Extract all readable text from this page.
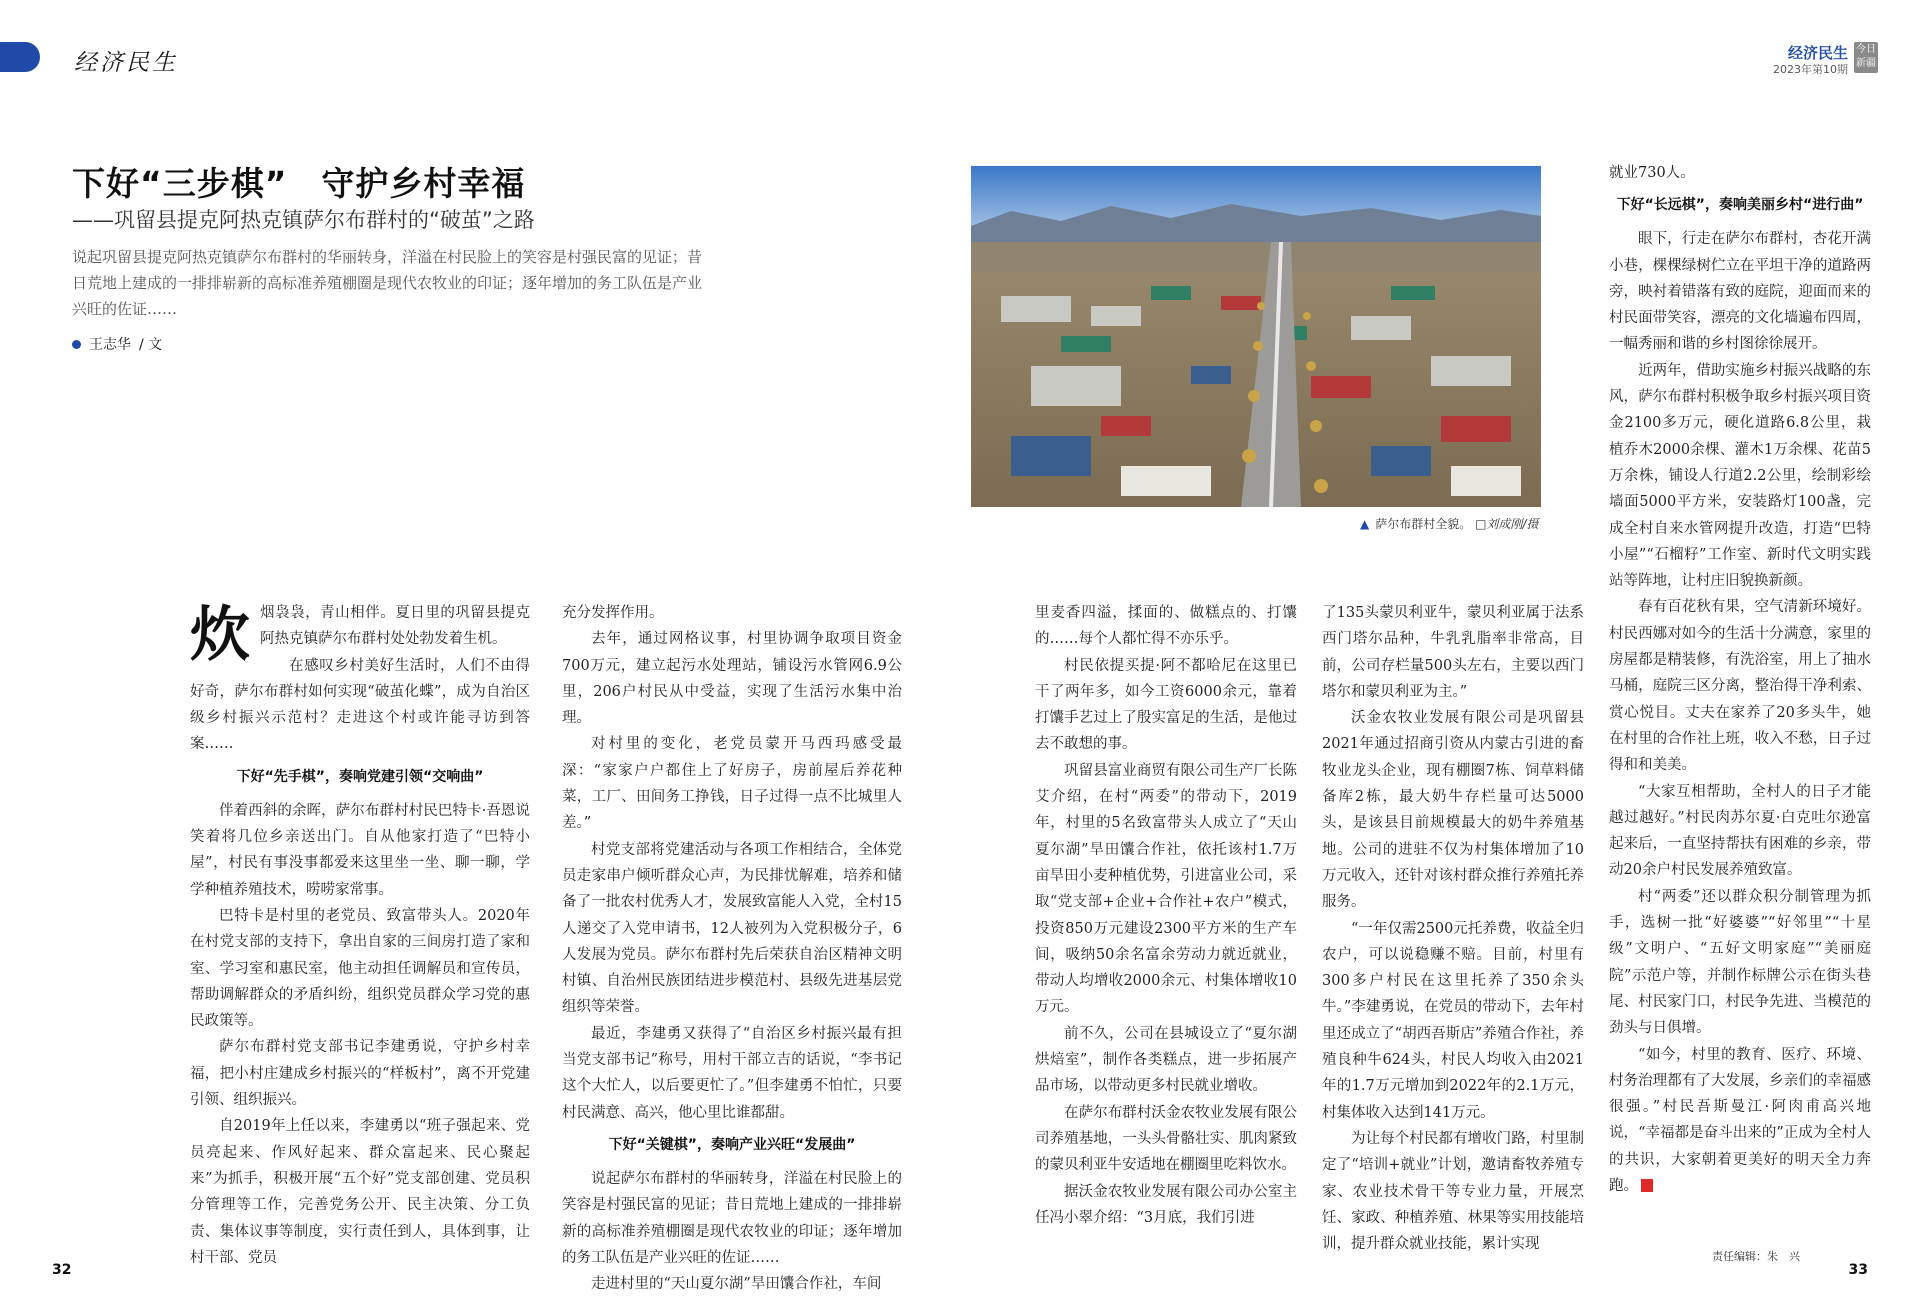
经济民生	经济民生
2023年第10期
今日新疆
下好“三步棋”　守护乡村幸福
——巩留县提克阿热克镇萨尔布群村的“破茧”之路
说起巩留县提克阿热克镇萨尔布群村的华丽转身，洋溢在村民脸上的笑容是村强民富的见证；昔日荒地上建成的一排排崭新的高标准养殖棚圈是现代农牧业的印证；逐年增加的务工队伍是产业兴旺的佐证……
王志华 / 文
▲ 萨尔布群村全貌。 □刘成刚/摄
炊 烟袅袅，青山相伴。夏日里的巩留县提克阿热克镇萨尔布群村处处勃发着生机。

在感叹乡村美好生活时，人们不由得好奇，萨尔布群村如何实现“破茧化蝶”，成为自治区级乡村振兴示范村？走进这个村或许能寻访到答案……

下好“先手棋”，奏响党建引领“交响曲”

伴着西斜的余晖，萨尔布群村村民巴特卡·吾恩说笑着将几位乡亲送出门。自从他家打造了“巴特小屋”，村民有事没事都爱来这里坐一坐、聊一聊，学学种植养殖技术，唠唠家常事。

巴特卡是村里的老党员、致富带头人。2020年在村党支部的支持下，拿出自家的三间房打造了家和室、学习室和惠民室，他主动担任调解员和宣传员，帮助调解群众的矛盾纠纷，组织党员群众学习党的惠民政策等。

萨尔布群村党支部书记李建勇说，守护乡村幸福，把小村庄建成乡村振兴的“样板村”，离不开党建引领、组织振兴。

自2019年上任以来，李建勇以“班子强起来、党员亮起来、作风好起来、群众富起来、民心聚起来”为抓手，积极开展“五个好”党支部创建、党员积分管理等工作，完善党务公开、民主决策、分工负责、集体议事等制度，实行责任到人，具体到事，让村干部、党员

充分发挥作用。

去年，通过网格议事，村里协调争取项目资金700万元，建立起污水处理站，铺设污水管网6.9公里，206户村民从中受益，实现了生活污水集中治理。

对村里的变化，老党员蒙开马西玛感受最深：“家家户户都住上了好房子，房前屋后养花种菜，工厂、田间务工挣钱，日子过得一点不比城里人差。”

村党支部将党建活动与各项工作相结合，全体党员走家串户倾听群众心声，为民排忧解难，培养和储备了一批农村优秀人才，发展致富能人入党，全村15人递交了入党申请书，12人被列为入党积极分子，6人发展为党员。萨尔布群村先后荣获自治区精神文明村镇、自治州民族团结进步模范村、县级先进基层党组织等荣誉。

最近，李建勇又获得了“自治区乡村振兴最有担当党支部书记”称号，用村干部立吉的话说，“李书记这个大忙人，以后要更忙了。”但李建勇不怕忙，只要村民满意、高兴，他心里比谁都甜。

下好“关键棋”，奏响产业兴旺“发展曲”

说起萨尔布群村的华丽转身，洋溢在村民脸上的笑容是村强民富的见证；昔日荒地上建成的一排排崭新的高标准养殖棚圈是现代农牧业的印证；逐年增加的务工队伍是产业兴旺的佐证……

走进村里的“天山夏尔湖”旱田馕合作社，车间

里麦香四溢，揉面的、做糕点的、打馕的……每个人都忙得不亦乐乎。

村民依提买提·阿不都哈尼在这里已干了两年多，如今工资6000余元，靠着打馕手艺过上了殷实富足的生活，是他过去不敢想的事。

巩留县富业商贸有限公司生产厂长陈艾介绍，在村“两委”的带动下，2019年，村里的5名致富带头人成立了“天山夏尔湖”旱田馕合作社，依托该村1.7万亩旱田小麦种植优势，引进富业公司，采取“党支部+企业+合作社+农户”模式，投资850万元建设2300平方米的生产车间，吸纳50余名富余劳动力就近就业，带动人均增收2000余元、村集体增收10万元。

前不久，公司在县城设立了“夏尔湖烘焙室”，制作各类糕点，进一步拓展产品市场，以带动更多村民就业增收。

在萨尔布群村沃金农牧业发展有限公司养殖基地，一头头骨骼壮实、肌肉紧致的蒙贝利亚牛安适地在棚圈里吃料饮水。

据沃金农牧业发展有限公司办公室主任冯小翠介绍：“3月底，我们引进

了135头蒙贝利亚牛，蒙贝利亚属于法系西门塔尔品种，牛乳乳脂率非常高，目前，公司存栏量500头左右，主要以西门塔尔和蒙贝利亚为主。”

沃金农牧业发展有限公司是巩留县2021年通过招商引资从内蒙古引进的畜牧业龙头企业，现有棚圈7栋、饲草料储备库2栋，最大奶牛存栏量可达5000头，是该县目前规模最大的奶牛养殖基地。公司的进驻不仅为村集体增加了10万元收入，还针对该村群众推行养殖托养服务。

“一年仅需2500元托养费，收益全归农户，可以说稳赚不赔。目前，村里有300多户村民在这里托养了350余头牛。”李建勇说，在党员的带动下，去年村里还成立了“胡西吾斯店”养殖合作社，养殖良种牛624头，村民人均收入由2021年的1.7万元增加到2022年的2.1万元，村集体收入达到141万元。

为让每个村民都有增收门路，村里制定了“培训+就业”计划，邀请畜牧养殖专家、农业技术骨干等专业力量，开展烹饪、家政、种植养殖、林果等实用技能培训，提升群众就业技能，累计实现

就业730人。

下好“长远棋”，奏响美丽乡村“进行曲”

眼下，行走在萨尔布群村，杏花开满小巷，棵棵绿树伫立在平坦干净的道路两旁，映衬着错落有致的庭院，迎面而来的村民面带笑容，漂亮的文化墙遍布四周，一幅秀丽和谐的乡村图徐徐展开。

近两年，借助实施乡村振兴战略的东风，萨尔布群村积极争取乡村振兴项目资金2100多万元，硬化道路6.8公里，栽植乔木2000余棵、灌木1万余棵、花苗5万余株，铺设人行道2.2公里，绘制彩绘墙面5000平方米，安装路灯100盏，完成全村自来水管网提升改造，打造“巴特小屋”“石榴籽”工作室、新时代文明实践站等阵地，让村庄旧貌换新颜。

春有百花秋有果，空气清新环境好。村民西娜对如今的生活十分满意，家里的房屋都是精装修，有洗浴室，用上了抽水马桶，庭院三区分离，整治得干净利索、赏心悦目。丈夫在家养了20多头牛，她在村里的合作社上班，收入不愁，日子过得和和美美。

“大家互相帮助，全村人的日子才能越过越好。”村民肉苏尔夏·白克吐尔逊富起来后，一直坚持帮扶有困难的乡亲，带动20余户村民发展养殖致富。

村“两委”还以群众积分制管理为抓手，选树一批“好婆婆”“好邻里”“十星级”文明户、“五好文明家庭”“美丽庭院”示范户等，并制作标牌公示在街头巷尾、村民家门口，村民争先进、当模范的劲头与日俱增。

“如今，村里的教育、医疗、环境、村务治理都有了大发展，乡亲们的幸福感很强。”村民吾斯曼江·阿肉甫高兴地说，“幸福都是奋斗出来的”正成为全村人的共识，大家朝着更美好的明天全力奔跑。

32	33
责任编辑：朱　兴
